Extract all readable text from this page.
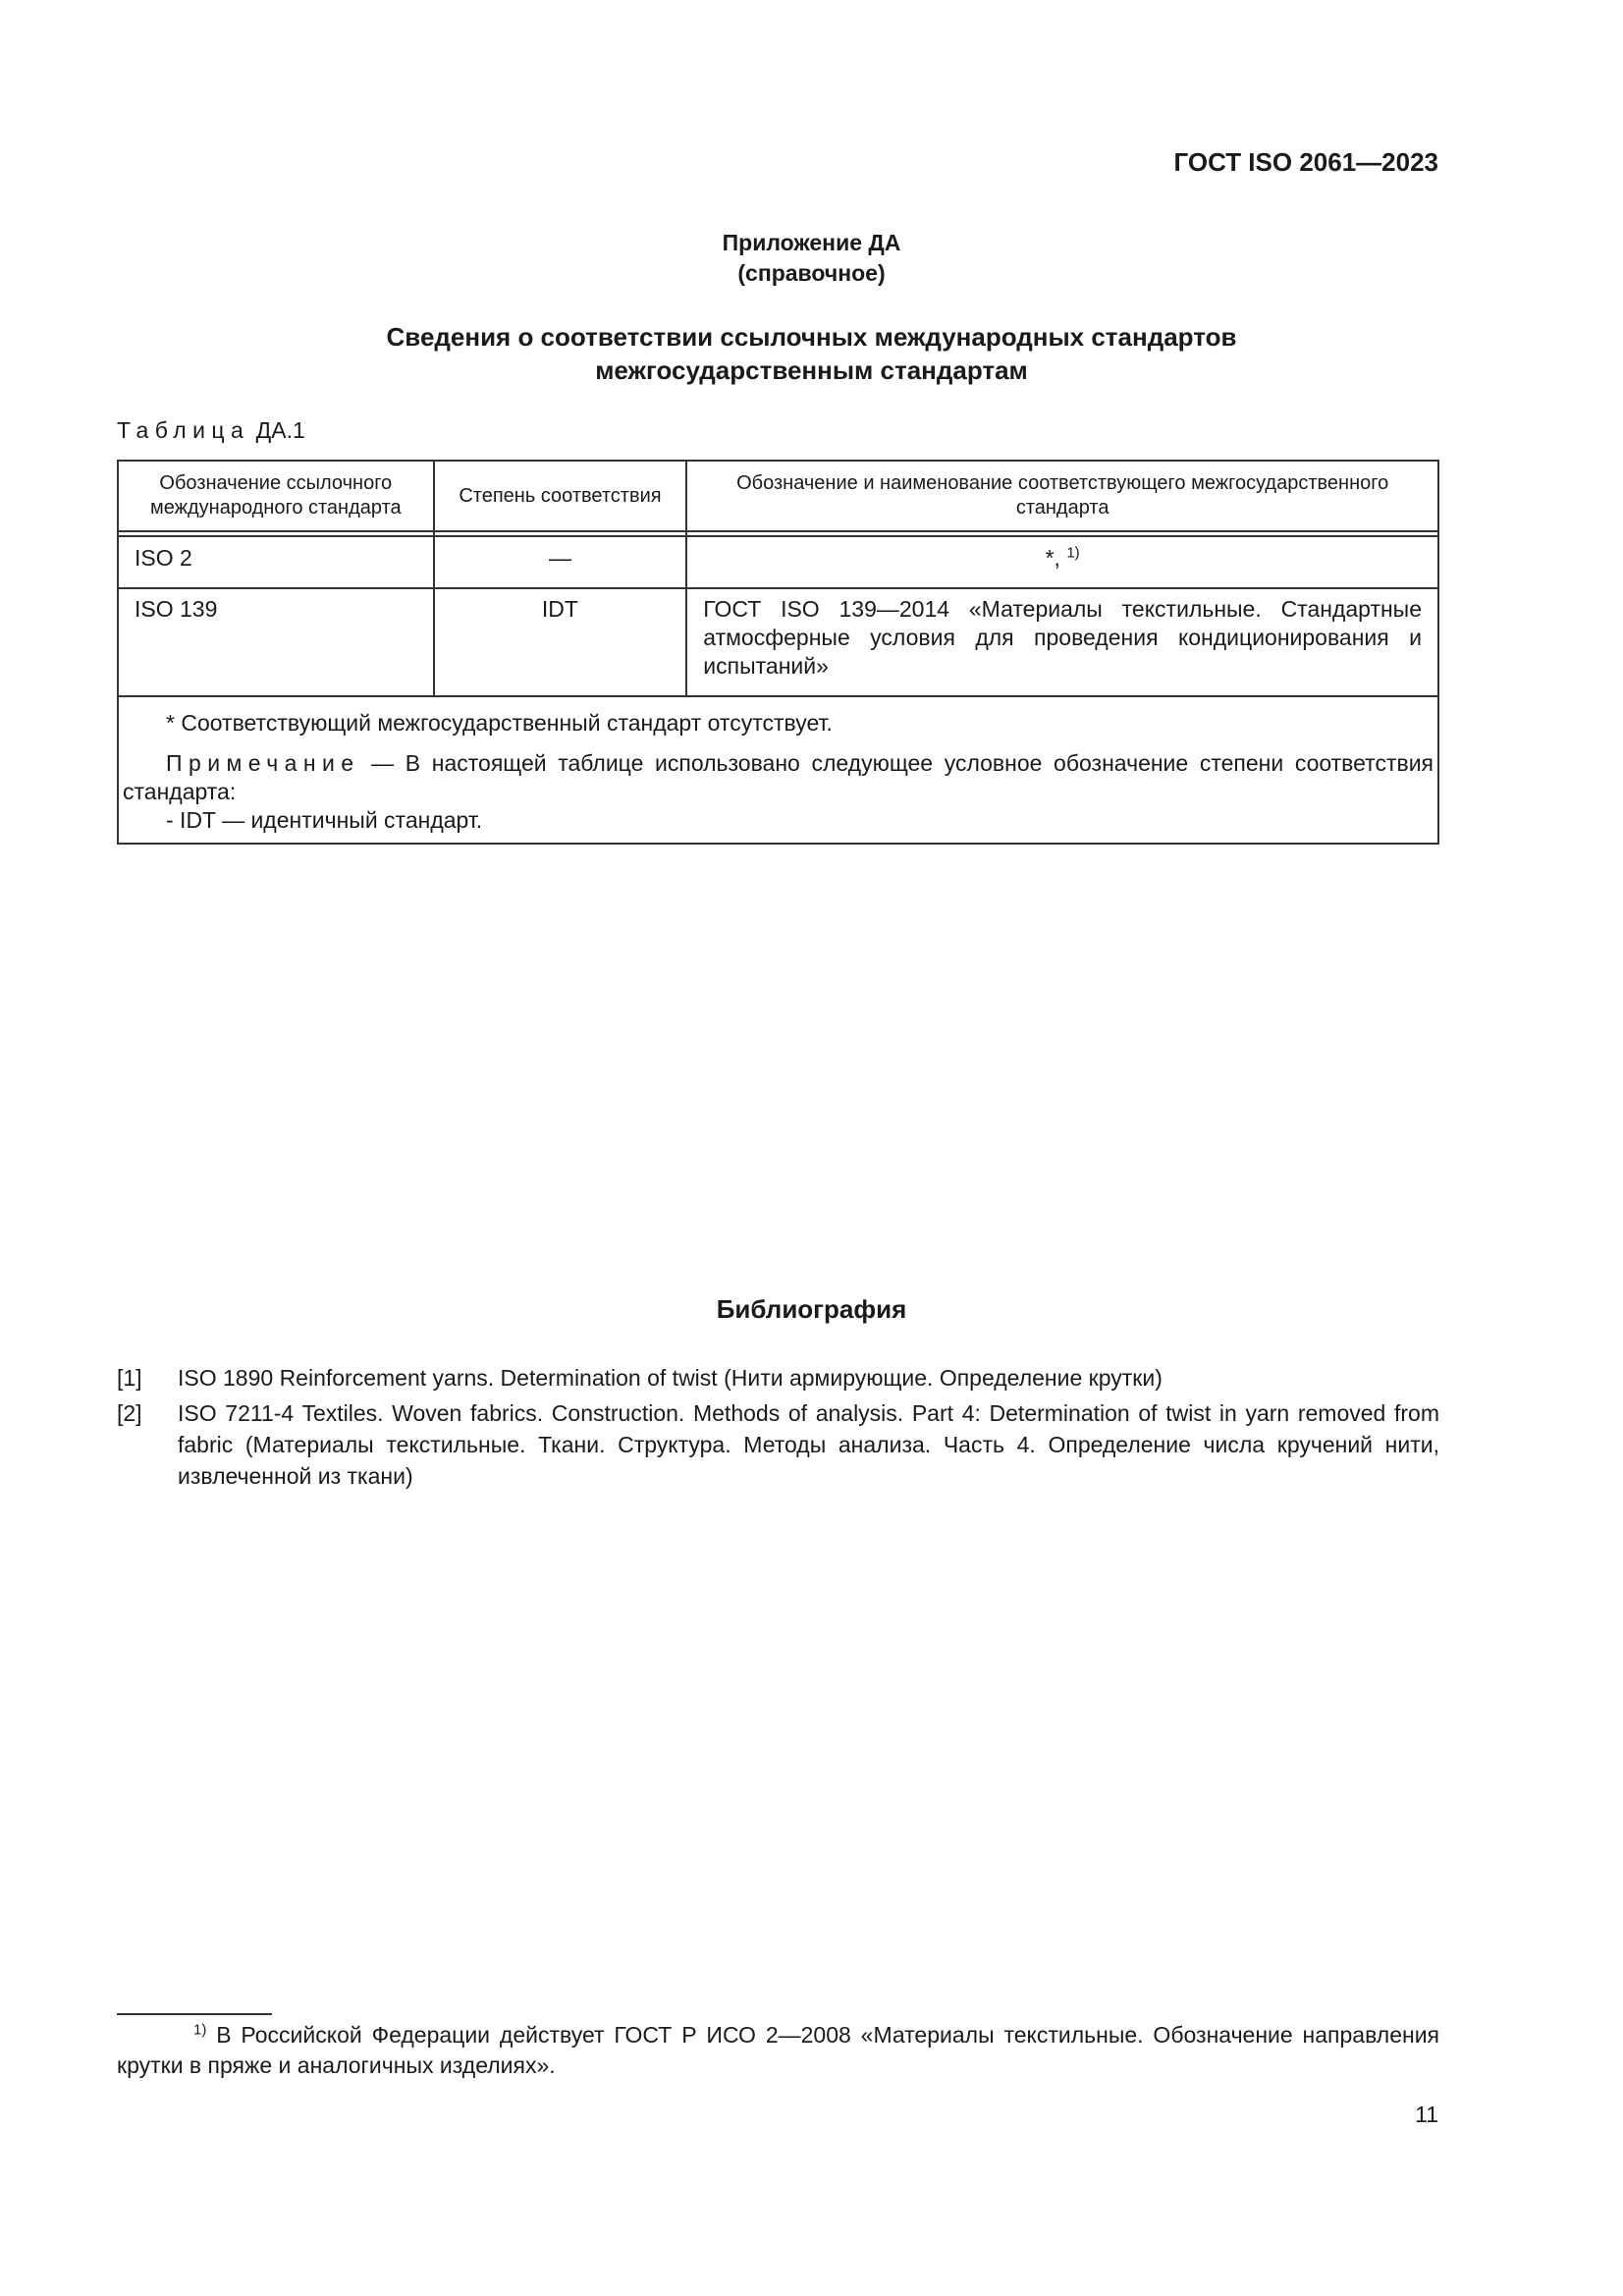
ГОСТ ISO 2061—2023
Приложение ДА
(справочное)
Сведения о соответствии ссылочных международных стандартов
межгосударственным стандартам
Таблица ДА.1
Обозначение ссылочного международного стандарта	Степень соответствия	Обозначение и наименование соответствующего межгосударственного стандарта

ISO 2	—	*, $^{1)}$
ISO 139	IDT	ГОСТ ISO 139—2014 «Материалы текстильные. Стандартные атмосферные условия для проведения кондиционирования и испытаний»

* Соответствующий межгосударственный стандарт отсутствует.

Примечание — В настоящей таблице использовано следующее условное обозначение степени соответствия стандарта:

- IDT — идентичный стандарт.		

Библиография
[1] ISO 1890 Reinforcement yarns. Determination of twist (Нити армирующие. Определение крутки)
[2] ISO 7211-4 Textiles. Woven fabrics. Construction. Methods of analysis. Part 4: Determination of twist in yarn removed from fabric (Материалы текстильные. Ткани. Структура. Методы анализа. Часть 4. Определение числа кручений нити, извлеченной из ткани)
$^{1)}$ В Российской Федерации действует ГОСТ Р ИСО 2—2008 «Материалы текстильные. Обозначение направления крутки в пряже и аналогичных изделиях».
11
